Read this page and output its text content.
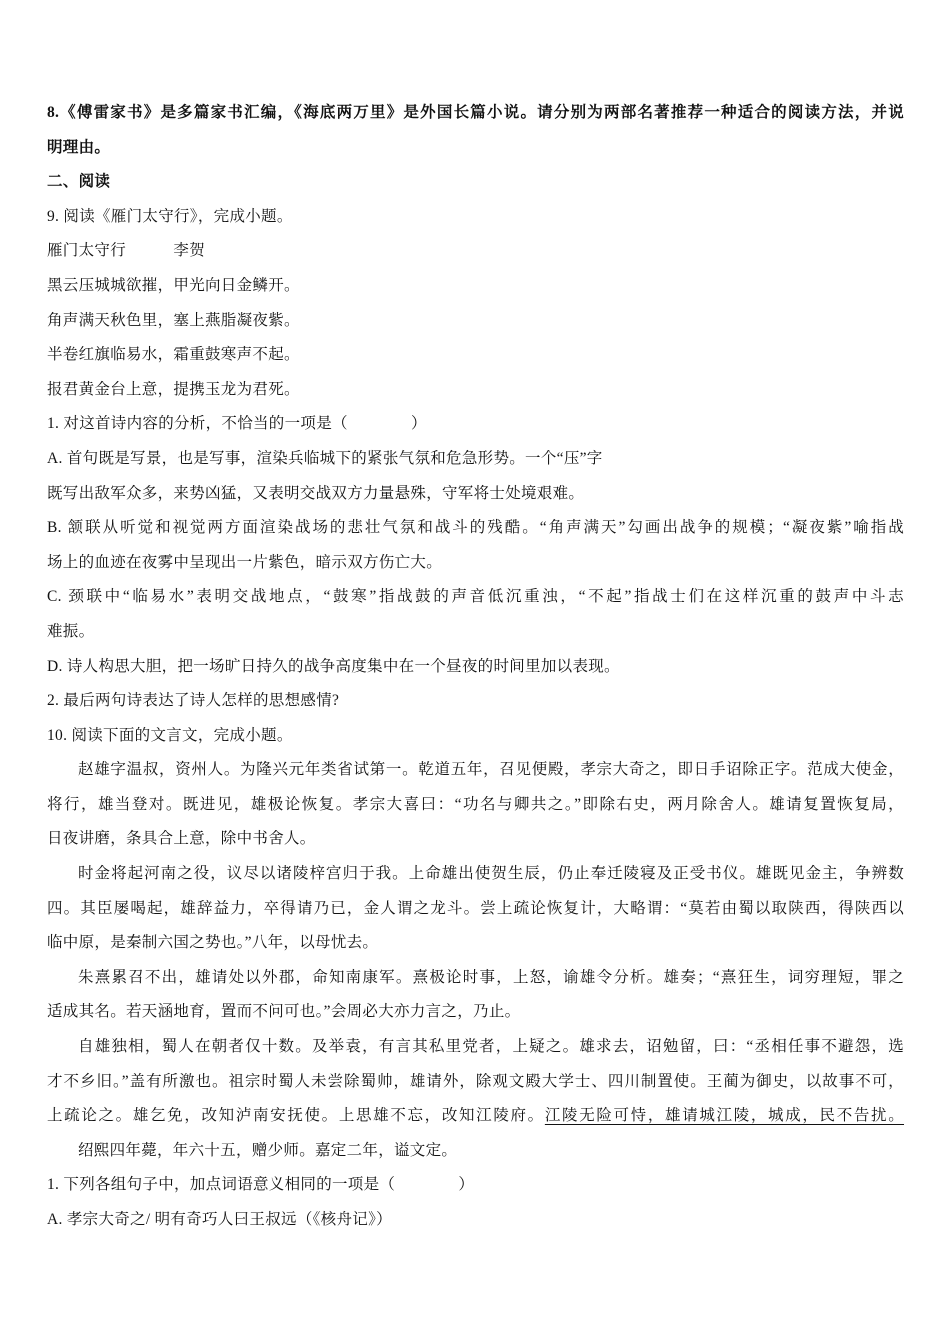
8.《傅雷家书》是多篇家书汇编，《海底两万里》是外国长篇小说。请分别为两部名著推荐一种适合的阅读方法，并说
明理由。
二、阅读
9. 阅读《雁门太守行》，完成小题。
雁门太守行　　　李贺
黑云压城城欲摧，甲光向日金鳞开。
角声满天秋色里，塞上燕脂凝夜紫。
半卷红旗临易水，霜重鼓寒声不起。
报君黄金台上意，提携玉龙为君死。
1. 对这首诗内容的分析，不恰当的一项是（　　　　）
A. 首句既是写景，也是写事，渲染兵临城下的紧张气氛和危急形势。一个“压”字
既写出敌军众多，来势凶猛，又表明交战双方力量悬殊，守军将士处境艰难。
B. 颔联从听觉和视觉两方面渲染战场的悲壮气氛和战斗的残酷。“角声满天”勾画出战争的规模；“凝夜紫”喻指战
场上的血迹在夜雾中呈现出一片紫色，暗示双方伤亡大。
C. 颈联中“临易水”表明交战地点，“鼓寒”指战鼓的声音低沉重浊，“不起”指战士们在这样沉重的鼓声中斗志
难振。
D. 诗人构思大胆，把一场旷日持久的战争高度集中在一个昼夜的时间里加以表现。
2. 最后两句诗表达了诗人怎样的思想感情?
10. 阅读下面的文言文，完成小题。
赵雄字温叔，资州人。为隆兴元年类省试第一。乾道五年，召见便殿，孝宗大奇之，即日手诏除正字。范成大使金，
将行，雄当登对。既进见，雄极论恢复。孝宗大喜曰：“功名与卿共之。”即除右史，两月除舍人。雄请复置恢复局，
日夜讲磨，条具合上意，除中书舍人。
时金将起河南之役，议尽以诸陵梓宫归于我。上命雄出使贺生辰，仍止奉迁陵寝及正受书仪。雄既见金主，争辨数
四。其臣屡喝起，雄辞益力，卒得请乃已，金人谓之龙斗。尝上疏论恢复计，大略谓：“莫若由蜀以取陕西，得陕西以
临中原，是秦制六国之势也。”八年，以母忧去。
朱熹累召不出，雄请处以外郡，命知南康军。熹极论时事，上怒，谕雄令分析。雄奏；“熹狂生，词穷理短，罪之
适成其名。若天涵地育，置而不问可也。”会周必大亦力言之，乃止。
自雄独相，蜀人在朝者仅十数。及举袁，有言其私里党者，上疑之。雄求去，诏勉留，曰：“丞相任事不避怨，选
才不乡旧。”盖有所激也。祖宗时蜀人未尝除蜀帅，雄请外，除观文殿大学士、四川制置使。王蔺为御史，以故事不可，
上疏论之。雄乞免，改知泸南安抚使。上思雄不忘，改知江陵府。江陵无险可恃，雄请城江陵，城成，民不告扰。
绍熙四年薨，年六十五，赠少师。嘉定二年，谥文定。
1. 下列各组句子中，加点词语意义相同的一项是（　　　　）
A. 孝宗大奇之/ 明有奇巧人曰王叔远（《核舟记》）
